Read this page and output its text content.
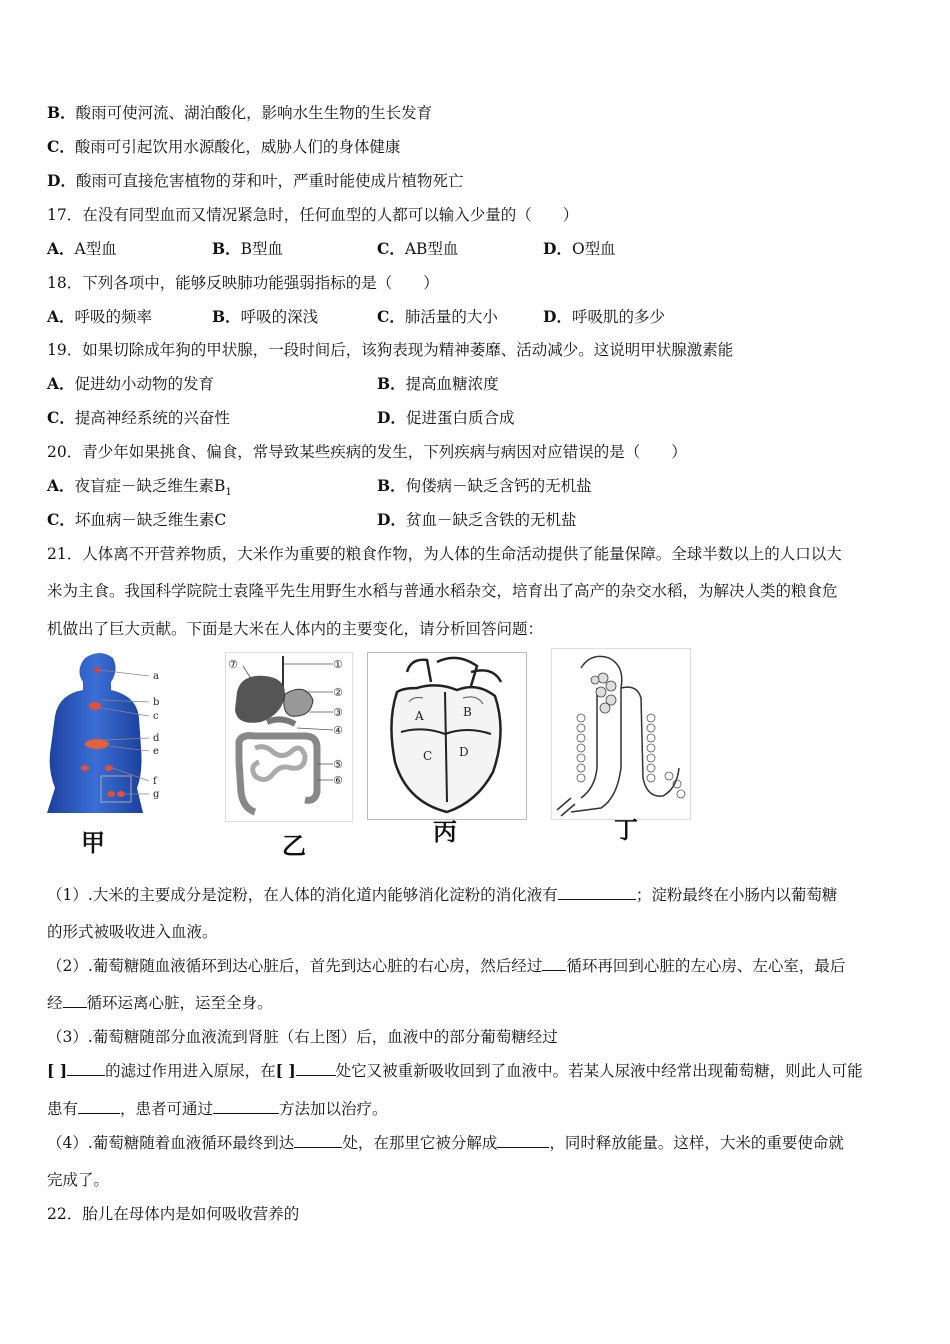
B．酸雨可使河流、湖泊酸化，影响水生生物的生长发育
C．酸雨可引起饮用水源酸化，威胁人们的身体健康
D．酸雨可直接危害植物的芽和叶，严重时能使成片植物死亡
17．在没有同型血而又情况紧急时，任何血型的人都可以输入少量的（　　）
A．A型血	B．B型血	C．AB型血	D．O型血
18．下列各项中，能够反映肺功能强弱指标的是（　　）
A．呼吸的频率	B．呼吸的深浅	C．肺活量的大小	D．呼吸肌的多少
19．如果切除成年狗的甲状腺，一段时间后，该狗表现为精神萎靡、活动减少。这说明甲状腺激素能
A．促进幼小动物的发育	B．提高血糖浓度
C．提高神经系统的兴奋性	D．促进蛋白质合成
20．青少年如果挑食、偏食，常导致某些疾病的发生，下列疾病与病因对应错误的是（　　）
A．夜盲症－缺乏维生素$B_1$	B．佝偻病－缺乏含钙的无机盐
C．坏血病－缺乏维生素C	D．贫血－缺乏含铁的无机盐
21．人体离不开营养物质，大米作为重要的粮食作物，为人体的生命活动提供了能量保障。全球半数以上的人口以大
米为主食。我国科学院院士袁隆平先生用野生水稻与普通水稻杂交，培育出了高产的杂交水稻，为解决人类的粮食危
机做出了巨大贡献。下面是大米在人体内的主要变化，请分析回答问题：
a
b
c
d
e
f
g
甲
⑦	①
②
③
④
⑤
⑥
乙
A	B
C D
丙	丁
（1）.大米的主要成分是淀粉，在人体的消化道内能够消化淀粉的消化液有	；淀粉最终在小肠内以葡萄糖
的形式被吸收进入血液。
（2）.葡萄糖随血液循环到达心脏后，首先到达心脏的右心房，然后经过 循环再回到心脏的左心房、左心室，最后
经 循环运离心脏，运至全身。
（3）.葡萄糖随部分血液流到肾脏（右上图）后，血液中的部分葡萄糖经过
[ ] 的滤过作用进入原尿，在[ ]	处它又被重新吸收回到了血液中。若某人尿液中经常出现葡萄糖，则此人可能
患有	，患者可通过	方法加以治疗。
（4）.葡萄糖随着血液循环最终到达	处，在那里它被分解成	，同时释放能量。这样，大米的重要使命就
完成了。
22．胎儿在母体内是如何吸收营养的
